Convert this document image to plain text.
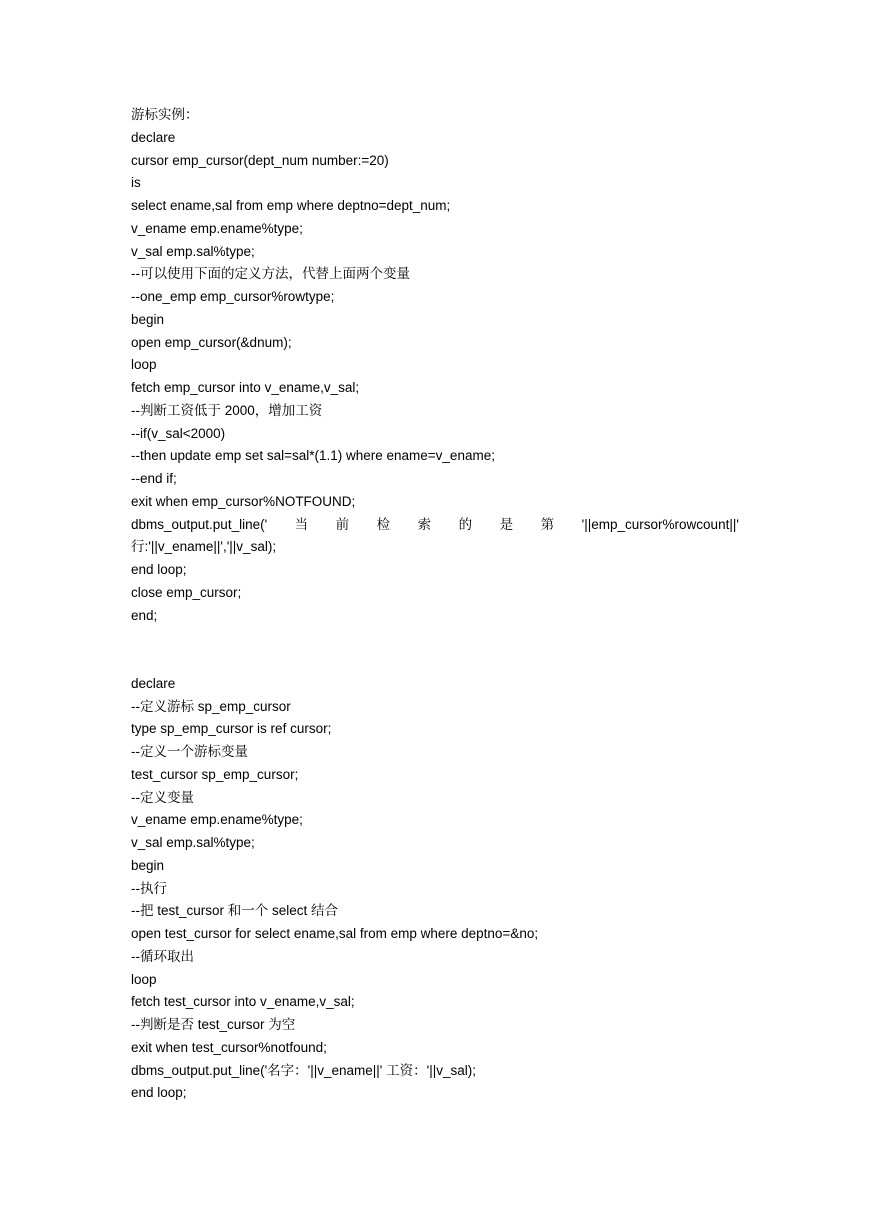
游标实例：
declare
cursor emp_cursor(dept_num number:=20)
is
select ename,sal from emp where deptno=dept_num;
v_ename emp.ename%type;
v_sal emp.sal%type;
--可以使用下面的定义方法，代替上面两个变量
--one_emp emp_cursor%rowtype;
begin
open emp_cursor(&dnum);
loop
fetch emp_cursor into v_ename,v_sal;
--判断工资低于 2000，增加工资
--if(v_sal<2000)
--then update emp set sal=sal*(1.1) where ename=v_ename;
--end if;
exit when emp_cursor%NOTFOUND;
dbms_output.put_line(' 当 前 检 索 的 是 第 '||emp_cursor%rowcount||'
行:'||v_ename||','||v_sal);
end loop;
close emp_cursor;
end;
declare
--定义游标 sp_emp_cursor
type sp_emp_cursor is ref cursor;
--定义一个游标变量
test_cursor sp_emp_cursor;
--定义变量
v_ename emp.ename%type;
v_sal emp.sal%type;
begin
--执行
--把 test_cursor 和一个 select 结合
open test_cursor for select ename,sal from emp where deptno=&no;
--循环取出
loop
fetch test_cursor into v_ename,v_sal;
--判断是否 test_cursor 为空
exit when test_cursor%notfound;
dbms_output.put_line('名字：'||v_ename||' 工资：'||v_sal);
end loop;
